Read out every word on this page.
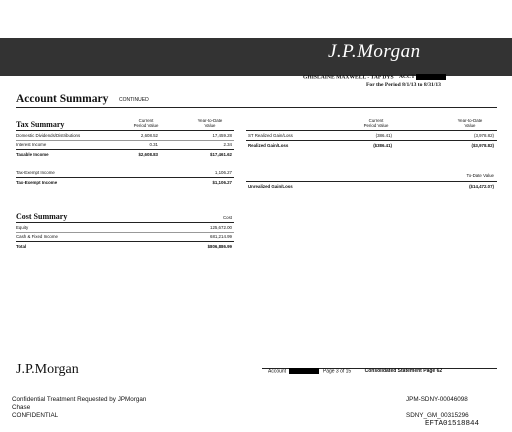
J.P.Morgan
GHISLAINE MAXWELL - TAP DYS ACCT
For the Period 8/1/13 to 8/31/13
Account Summary CONTINUED
Tax Summary	Current
Period Value
Year-to-Date
Value
Domestic Dividends/Distributions	2,608.52	17,459.28
Interest Income	0.31	2.34
Taxable Income	$2,608.83	$17,461.62
Tax-Exempt Income	1,106.27
Tax-Exempt Income	$1,106.27
Current
Period Value
Year-to-Date
Value
ST Realized Gain/Loss	(386.41)	(3,978.82)
Realized Gain/Loss	($386.41)	($3,978.82)
To-Date Value
Unrealized Gain/Loss	($14,472.07)
Cost Summary	Cost
Equity	125,672.00
Cash & Fixed Income	681,214.99
Total	$806,886.99
J.P.Morgan	Account	Page 3 of 15	Consolidated Statement Page 62
Confidential Treatment Requested by JPMorgan
Chase
CONFIDENTIAL
JPM-SDNY-00046098
SDNY_GM_00315296
EFTA01518844
